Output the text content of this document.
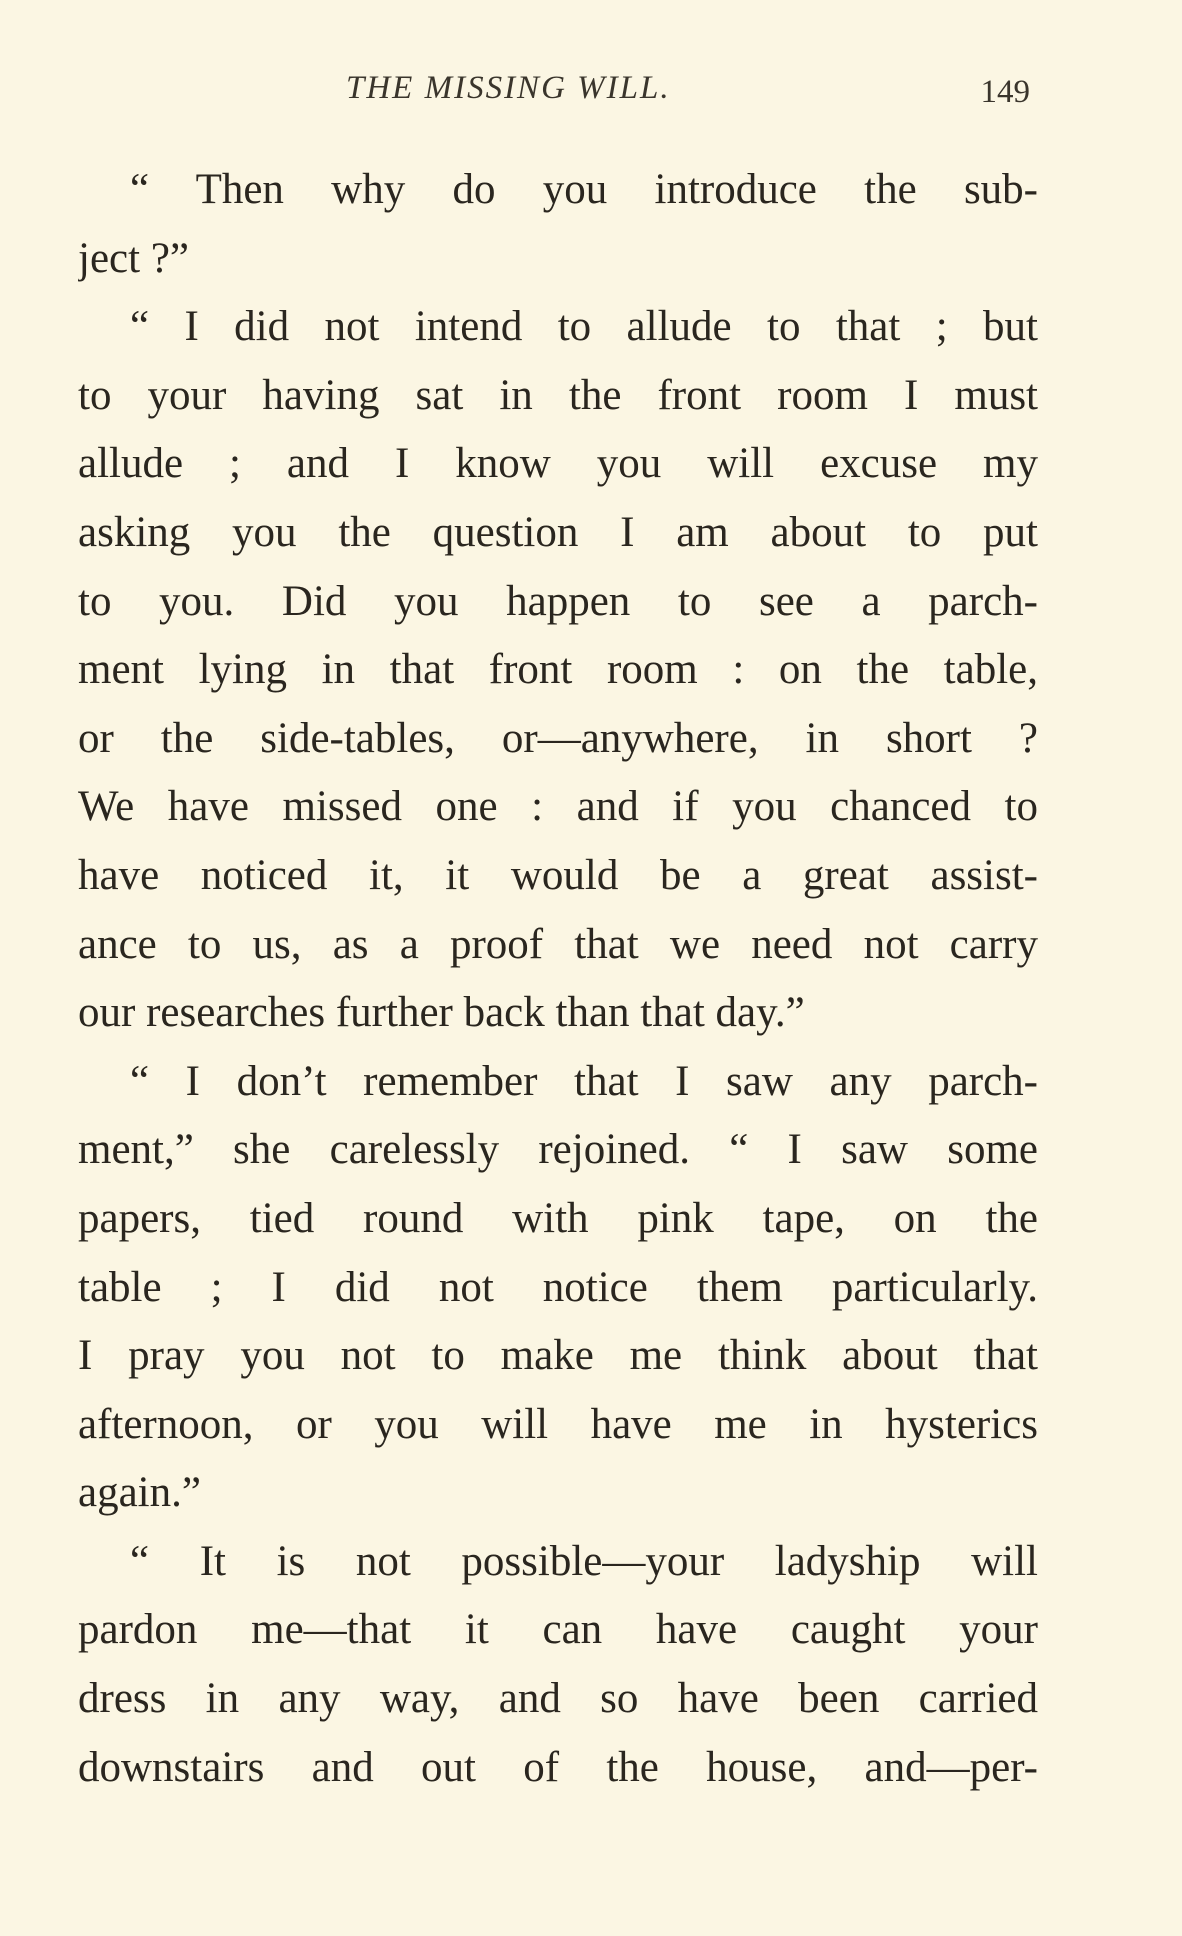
THE MISSING WILL.	149
“ Then why do you introduce the sub-
ject ?”
“ I did not intend to allude to that ; but
to your having sat in the front room I must
allude ; and I know you will excuse my
asking you the question I am about to put
to you. Did you happen to see a parch-
ment lying in that front room : on the table,
or the side-tables, or—anywhere, in short ?
We have missed one : and if you chanced to
have noticed it, it would be a great assist-
ance to us, as a proof that we need not carry
our researches further back than that day.”
“ I don’t remember that I saw any parch-
ment,” she carelessly rejoined. “ I saw some
papers, tied round with pink tape, on the
table ; I did not notice them particularly.
I pray you not to make me think about that
afternoon, or you will have me in hysterics
again.”
“ It is not possible—your ladyship will
pardon me—that it can have caught your
dress in any way, and so have been carried
downstairs and out of the house, and—per-
